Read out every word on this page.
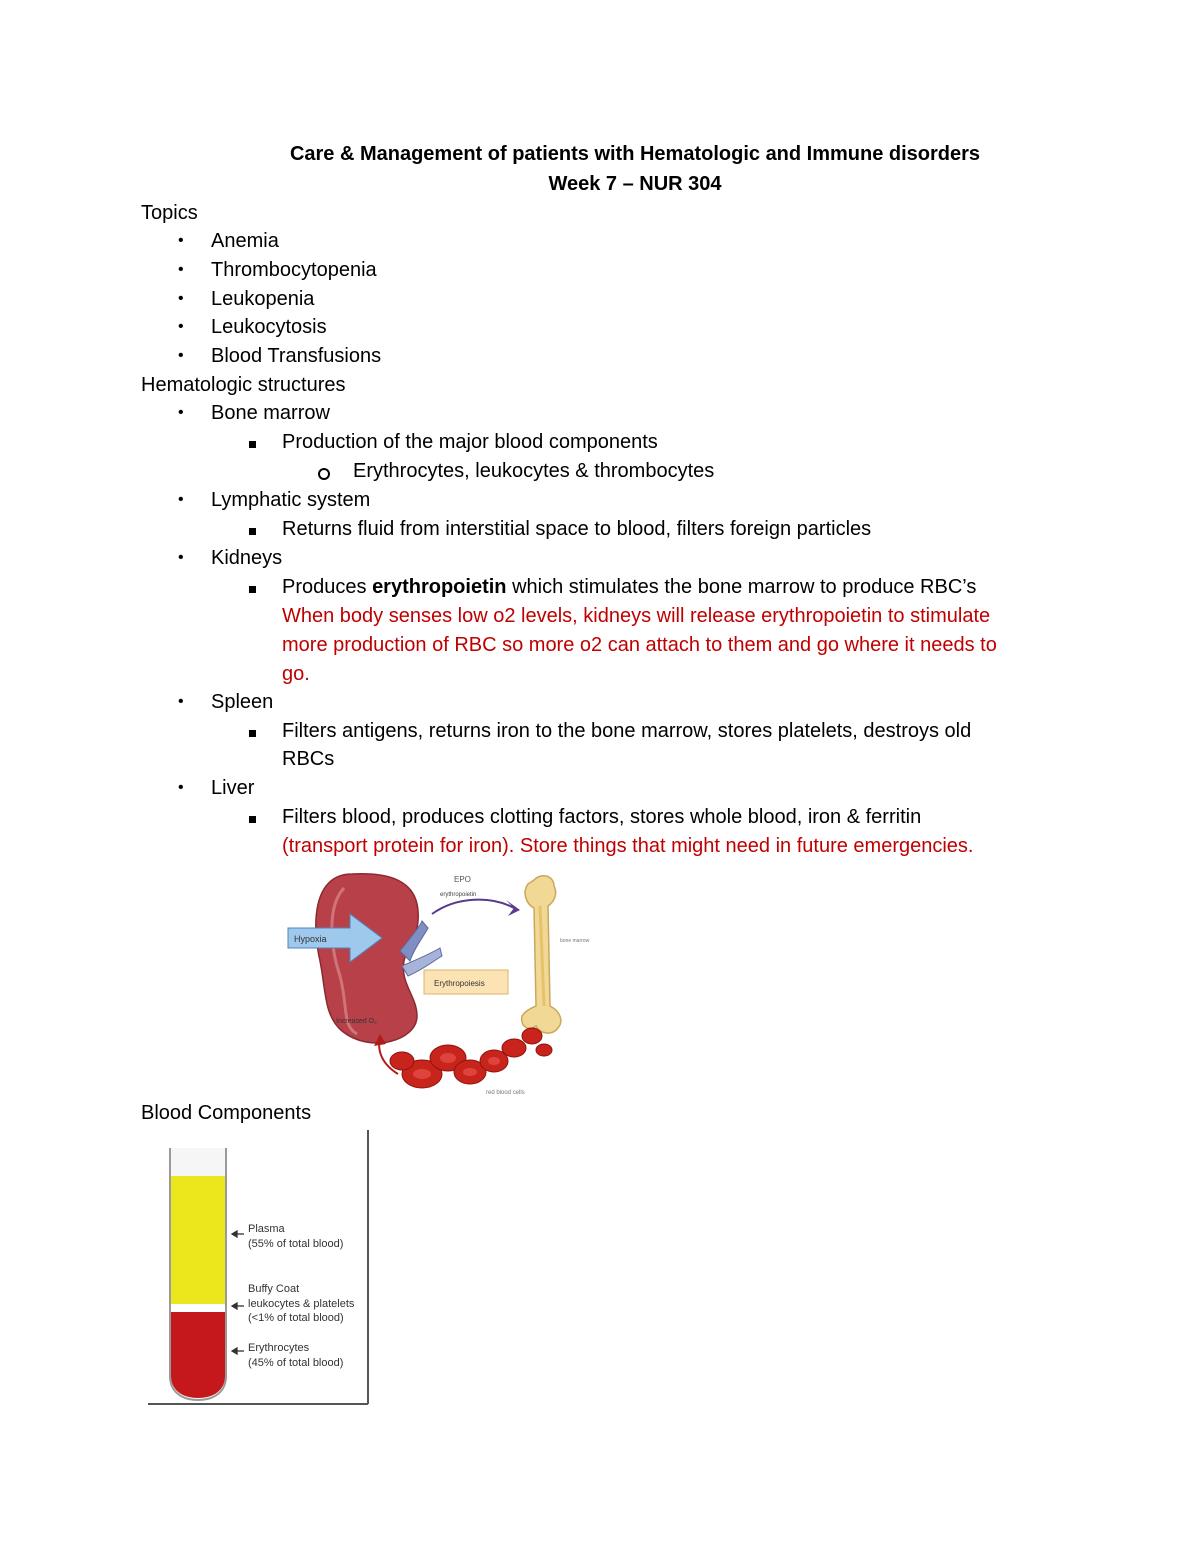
Care & Management of patients with Hematologic and Immune disorders
Week 7 – NUR 304
Topics
• Anemia
• Thrombocytopenia
• Leukopenia
• Leukocytosis
• Blood Transfusions
Hematologic structures
• Bone marrow
Production of the major blood components
Erythrocytes, leukocytes & thrombocytes
• Lymphatic system
Returns fluid from interstitial space to blood, filters foreign particles
• Kidneys
Produces erythropoietin which stimulates the bone marrow to produce RBC’s
When body senses low o2 levels, kidneys will release erythropoietin to stimulate
more production of RBC so more o2 can attach to them and go where it needs to
go.
• Spleen
Filters antigens, returns iron to the bone marrow, stores platelets, destroys old
RBCs
• Liver
Filters blood, produces clotting factors, stores whole blood, iron & ferritin
(transport protein for iron). Store things that might need in future emergencies.
Hypoxia
EPO
erythropoietin
bone marrow
Erythropoiesis
Increased O₂
red blood cells
Blood Components
Plasma
(55% of total blood)
Buffy Coat
leukocytes & platelets
(<1% of total blood)
Erythrocytes
(45% of total blood)
